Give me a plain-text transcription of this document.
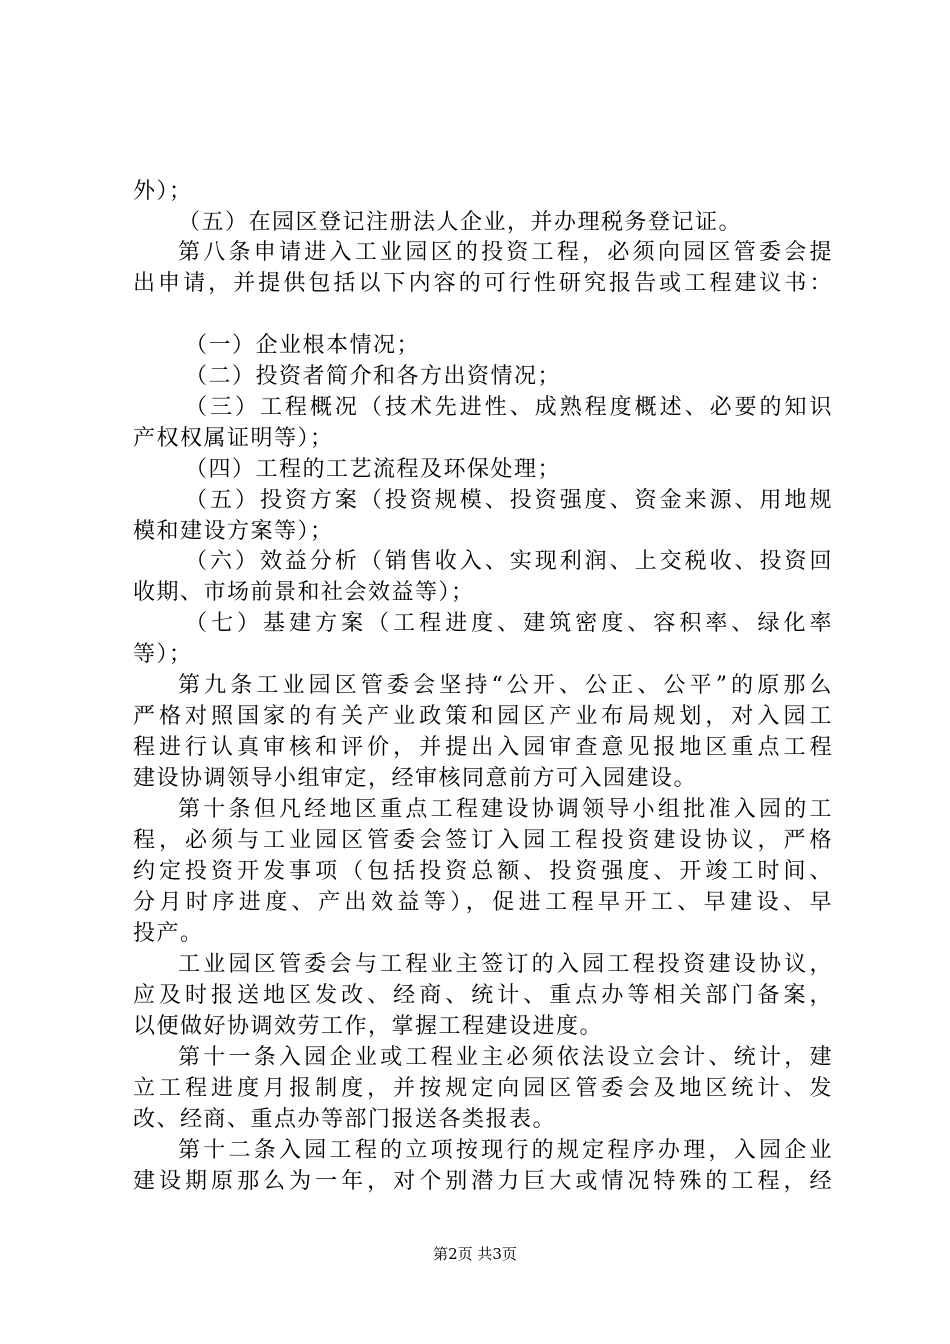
外）；
（五）在园区登记注册法人企业，并办理税务登记证。
第八条申请进入工业园区的投资工程，必须向园区管委会提
出申请，并提供包括以下内容的可行性研究报告或工程建议书：
（一）企业根本情况；
（二）投资者简介和各方出资情况；
（三）工程概况（技术先进性、成熟程度概述、必要的知识
产权权属证明等）；
（四）工程的工艺流程及环保处理；
（五）投资方案（投资规模、投资强度、资金来源、用地规
模和建设方案等）；
（六）效益分析（销售收入、实现利润、上交税收、投资回
收期、市场前景和社会效益等）；
（七）基建方案（工程进度、建筑密度、容积率、绿化率
等）；
第九条工业园区管委会坚持“公开、公正、公平”的原那么
严格对照国家的有关产业政策和园区产业布局规划，对入园工
程进行认真审核和评价，并提出入园审查意见报地区重点工程
建设协调领导小组审定，经审核同意前方可入园建设。
第十条但凡经地区重点工程建设协调领导小组批准入园的工
程，必须与工业园区管委会签订入园工程投资建设协议，严格
约定投资开发事项（包括投资总额、投资强度、开竣工时间、
分月时序进度、产出效益等），促进工程早开工、早建设、早
投产。
工业园区管委会与工程业主签订的入园工程投资建设协议，
应及时报送地区发改、经商、统计、重点办等相关部门备案，
以便做好协调效劳工作，掌握工程建设进度。
第十一条入园企业或工程业主必须依法设立会计、统计，建
立工程进度月报制度，并按规定向园区管委会及地区统计、发
改、经商、重点办等部门报送各类报表。
第十二条入园工程的立项按现行的规定程序办理，入园企业
建设期原那么为一年，对个别潜力巨大或情况特殊的工程，经
第2页 共3页
